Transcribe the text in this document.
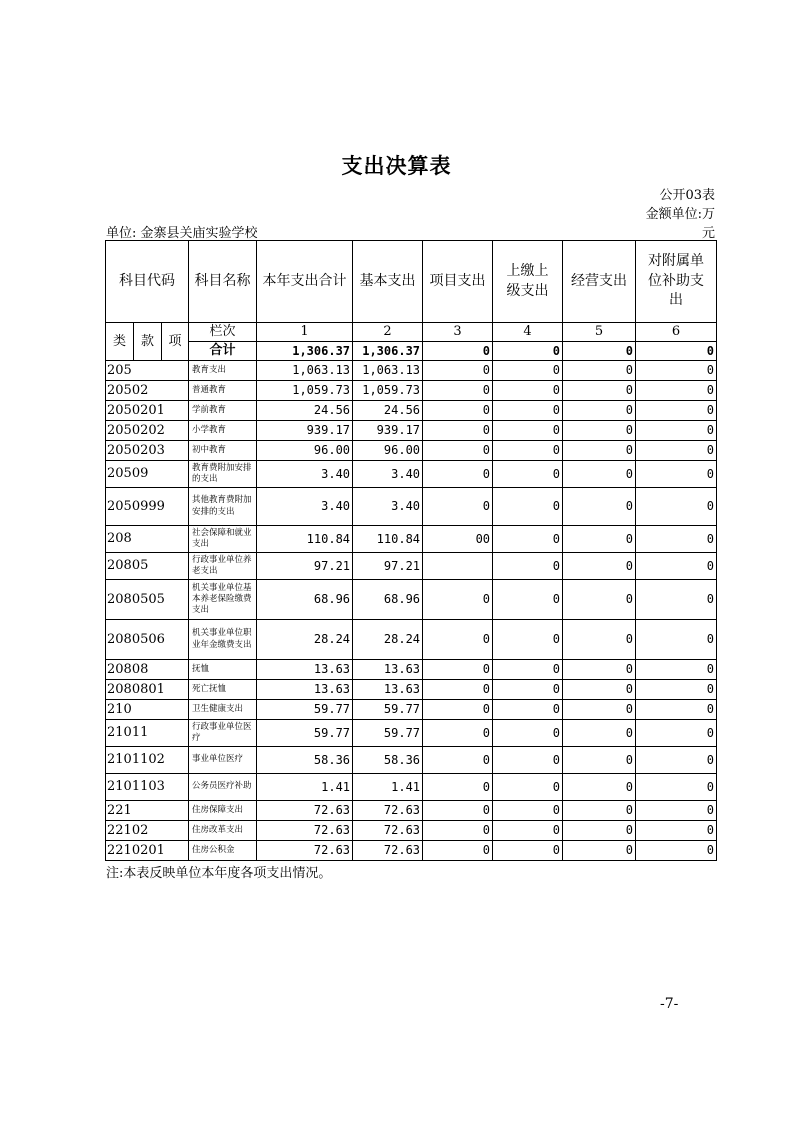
支出决算表
公开03表
金额单位:万
单位: 金寨县关庙实验学校	元
科目代码			科目名称	本年支出合计	基本支出	项目支出	上缴上级支出	经营支出	对附属单位补助支出
类	款	项	栏次	1	2	3	4	5	6
			合计	1,306.37	1,306.37	0	0	0	0
205			教育支出	1,063.13	1,063.13	0	0	0	0
20502			普通教育	1,059.73	1,059.73	0	0	0	0
2050201			学前教育	24.56	24.56	0	0	0	0
2050202			小学教育	939.17	939.17	0	0	0	0
2050203			初中教育	96.00	96.00	0	0	0	0
20509			教育费附加安排的支出	3.40	3.40	0	0	0	0
2050999			其他教育费附加安排的支出	3.40	3.40	0	0	0	0
208			社会保障和就业支出	110.84	110.84	00	0	0	0
20805			行政事业单位养老支出	97.21	97.21		0	0	0
2080505			机关事业单位基本养老保险缴费支出	68.96	68.96	0	0	0	0
2080506			机关事业单位职业年金缴费支出	28.24	28.24	0	0	0	0
20808			抚恤	13.63	13.63	0	0	0	0
2080801			死亡抚恤	13.63	13.63	0	0	0	0
210			卫生健康支出	59.77	59.77	0	0	0	0
21011			行政事业单位医疗	59.77	59.77	0	0	0	0
2101102			事业单位医疗	58.36	58.36	0	0	0	0
2101103			公务员医疗补助	1.41	1.41	0	0	0	0
221			住房保障支出	72.63	72.63	0	0	0	0
22102			住房改革支出	72.63	72.63	0	0	0	0
2210201			住房公积金	72.63	72.63	0	0	0	0
注:本表反映单位本年度各项支出情况。
-7-
